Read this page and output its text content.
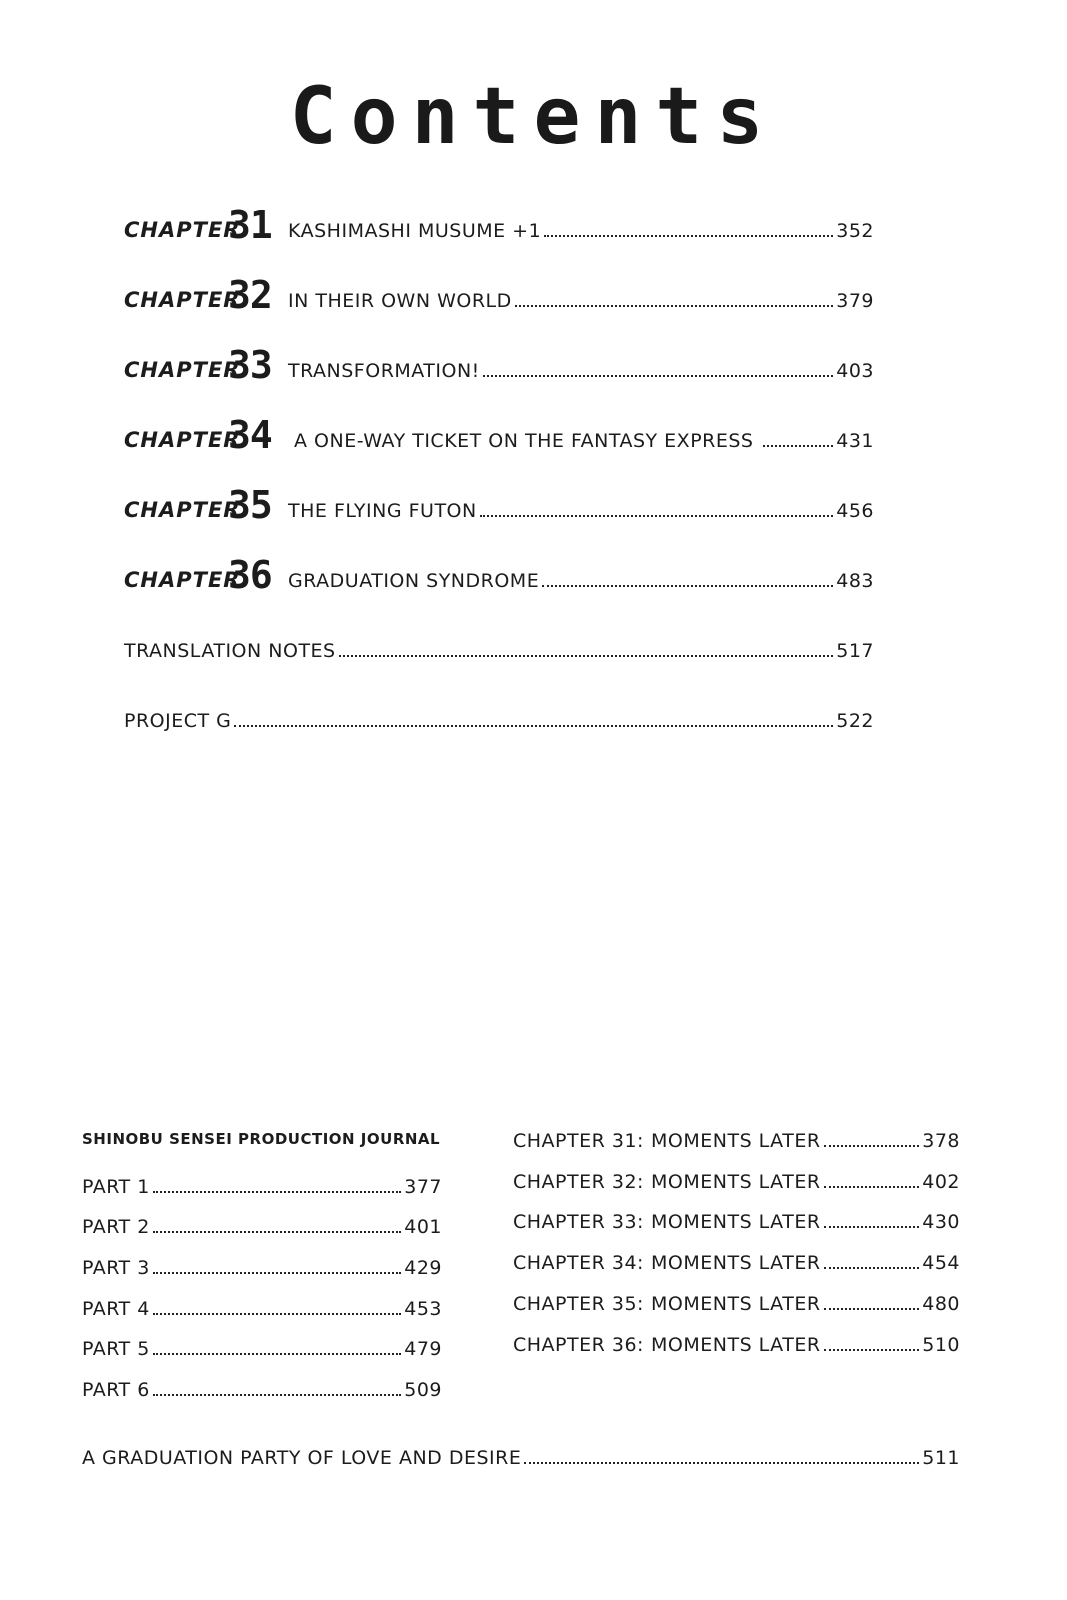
Contents
CHAPTER
31 KASHIMASHI MUSUME +1	352
CHAPTER
32 IN THEIR OWN WORLD	379
CHAPTER
33 TRANSFORMATION!	403
CHAPTER
34	A ONE-WAY TICKET ON THE FANTASY EXPRESS	431
CHAPTER
35 THE FLYING FUTON	456
CHAPTER
36 GRADUATION SYNDROME	483
TRANSLATION NOTES	517
PROJECT G	522
SHINOBU SENSEI PRODUCTION JOURNAL
PART 1	377
PART 2	401
PART 3	429
PART 4	453
PART 5	479
PART 6	509
CHAPTER 31: MOMENTS LATER	378
CHAPTER 32: MOMENTS LATER	402
CHAPTER 33: MOMENTS LATER	430
CHAPTER 34: MOMENTS LATER	454
CHAPTER 35: MOMENTS LATER	480
CHAPTER 36: MOMENTS LATER	510
A GRADUATION PARTY OF LOVE AND DESIRE	511
